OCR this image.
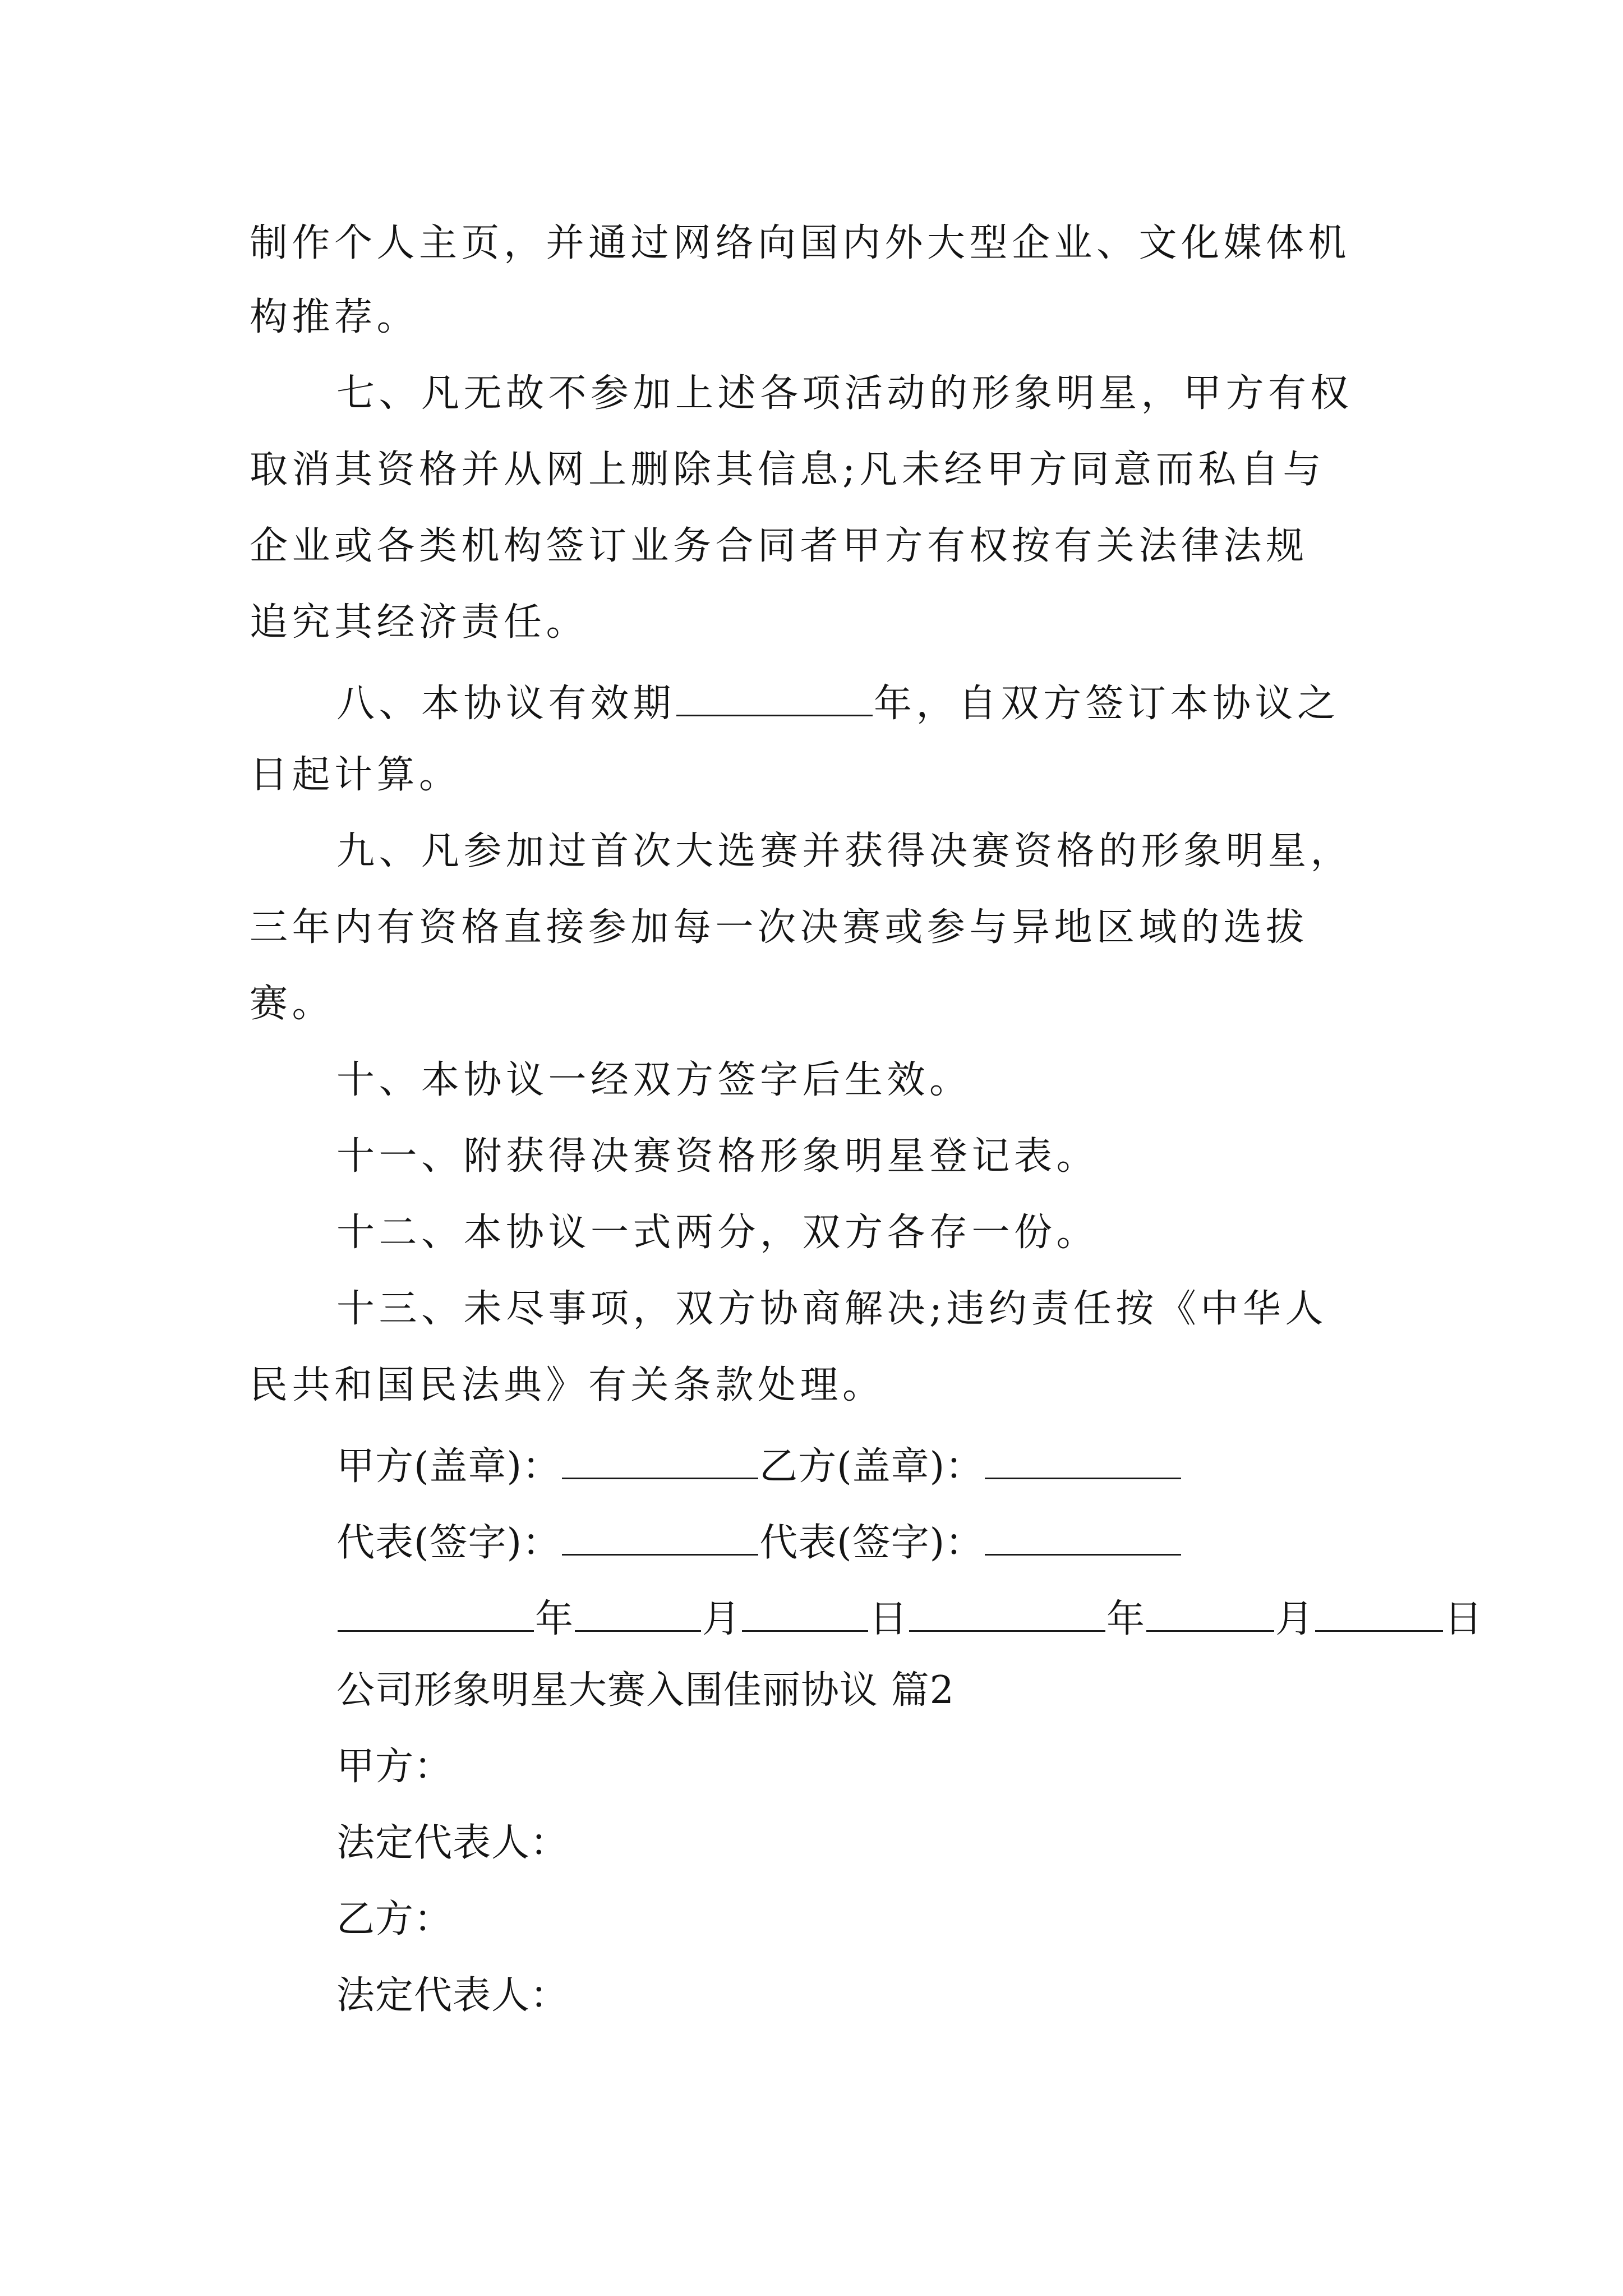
制作个人主页，并通过网络向国内外大型企业、文化媒体机
构推荐。
七、凡无故不参加上述各项活动的形象明星，甲方有权
取消其资格并从网上删除其信息;凡未经甲方同意而私自与
企业或各类机构签订业务合同者甲方有权按有关法律法规
追究其经济责任。
八、本协议有效期	年，自双方签订本协议之
日起计算。
九、凡参加过首次大选赛并获得决赛资格的形象明星，
三年内有资格直接参加每一次决赛或参与异地区域的选拔
赛。
十、本协议一经双方签字后生效。
十一、附获得决赛资格形象明星登记表。
十二、本协议一式两分，双方各存一份。
十三、未尽事项，双方协商解决;违约责任按《中华人
民共和国民法典》有关条款处理。
甲方(盖章)：	乙方(盖章)：
代表(签字)：	代表(签字)：
年	月	日	年	月	日
公司形象明星大赛入围佳丽协议 篇2
甲方：
法定代表人：
乙方：
法定代表人：
